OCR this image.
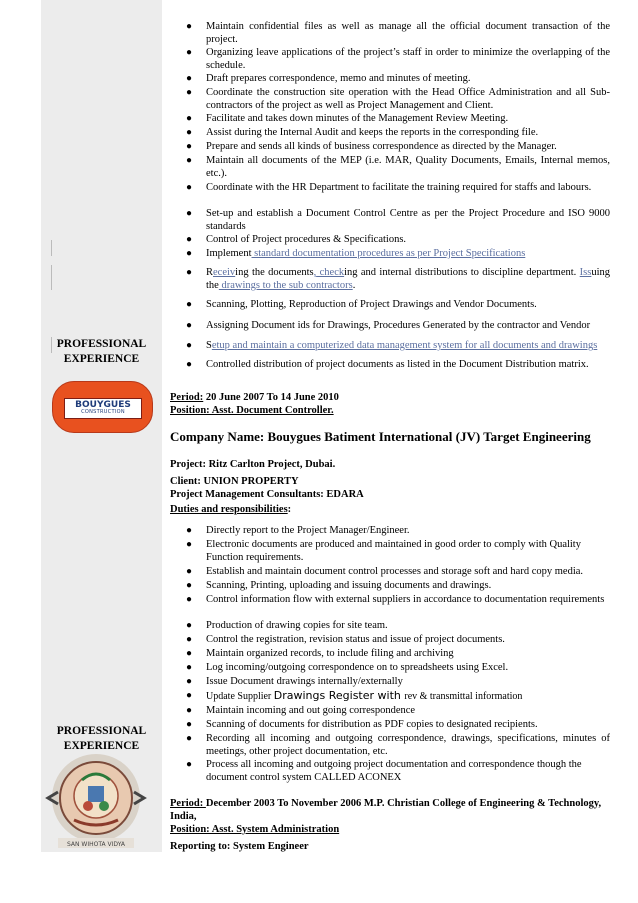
PROFESSIONAL
EXPERIENCE
PROFESSIONAL
EXPERIENCE
BOUYGUES
CONSTRUCTION
SAN WIHOTA VIDYA
● Maintain confidential files as well as manage all the official document transaction of the project.
● Organizing leave applications of the project’s staff in order to minimize the overlapping of the schedule.
● Draft prepares correspondence, memo and minutes of meeting.
● Coordinate the construction site operation with the Head Office Administration and all Sub-contractors of the project as well as Project Management and Client.
● Facilitate and takes down minutes of the Management Review Meeting.
● Assist during the Internal Audit and keeps the reports in the corresponding file.
● Prepare and sends all kinds of business correspondence as directed by the Manager.
● Maintain all documents of the MEP (i.e. MAR, Quality Documents, Emails, Internal memos, etc.).
● Coordinate with the HR Department to facilitate the training required for staffs and labours.
● Set-up and establish a Document Control Centre as per the Project Procedure and ISO 9000 standards
● Control of Project procedures & Specifications.
● Implement standard documentation procedures as per Project Specifications
● Receiving the documents, checking and internal distributions to discipline department. Issuing the drawings to the sub contractors.
● Scanning, Plotting, Reproduction of Project Drawings and Vendor Documents.
● Assigning Document ids for Drawings, Procedures Generated by the contractor and Vendor
● Setup and maintain a computerized data management system for all documents and drawings
● Controlled distribution of project documents as listed in the Document Distribution matrix.
Period: 20 June 2007 To 14 June 2010
Position: Asst. Document Controller.
Company Name: Bouygues Batiment International (JV) Target Engineering
Project: Ritz Carlton Project, Dubai.
Client: UNION PROPERTY
Project Management Consultants: EDARA
Duties and responsibilities:
● Directly report to the Project Manager/Engineer.
● Electronic documents are produced and maintained in good order to comply with Quality Function requirements.
● Establish and maintain document control processes and storage soft and hard copy media.
● Scanning, Printing, uploading and issuing documents and drawings.
● Control information flow with external suppliers in accordance to documentation requirements
● Production of drawing copies for site team.
● Control the registration, revision status and issue of project documents.
● Maintain organized records, to include filing and archiving
● Log incoming/outgoing correspondence on to spreadsheets using Excel.
● Issue Document drawings internally/externally
● Update Supplier Drawings Register with rev & transmittal information
● Maintain incoming and out going correspondence
● Scanning of documents for distribution as PDF copies to designated recipients.
● Recording all incoming and outgoing correspondence, drawings, specifications, minutes of meetings, other project documentation, etc.
● Process all incoming and outgoing project documentation and correspondence though the document control system CALLED ACONEX
Period: December 2003 To November 2006 M.P. Christian College of Engineering & Technology, India,
Position: Asst. System Administration
Reporting to: System Engineer
